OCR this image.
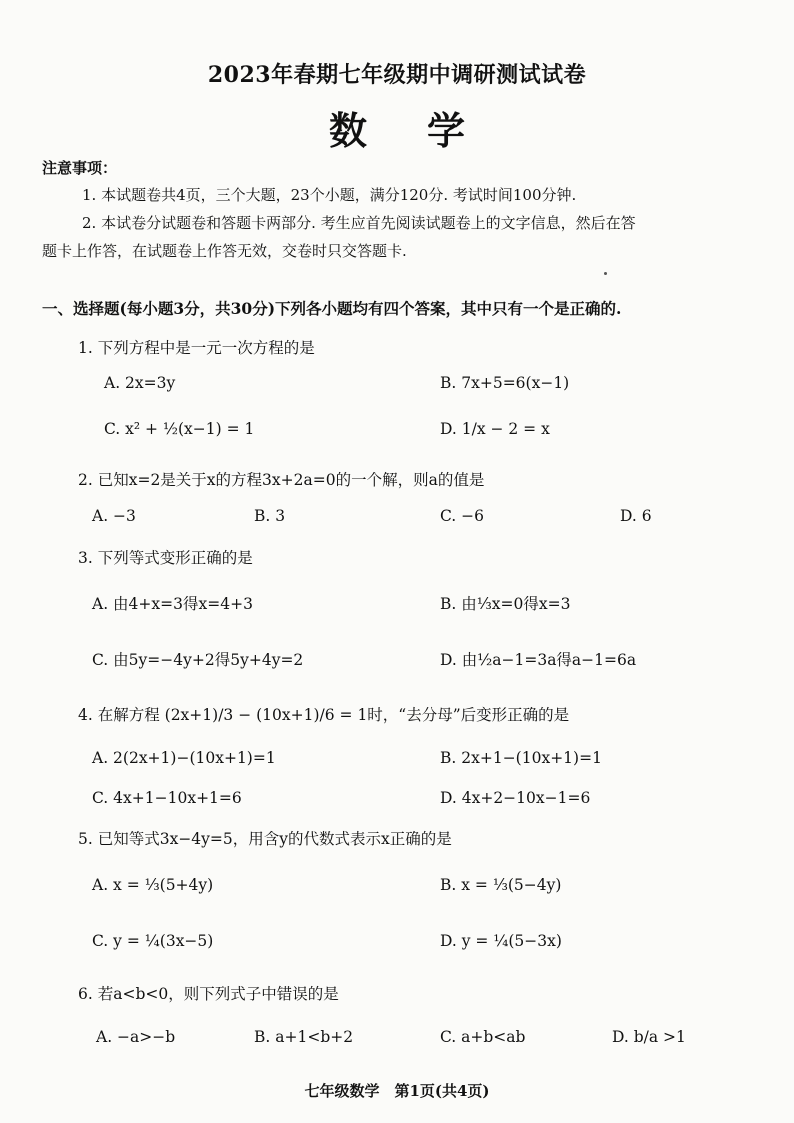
2023年春期七年级期中调研测试试卷
数学
注意事项：
1. 本试题卷共4页，三个大题，23个小题，满分120分. 考试时间100分钟.
2. 本试卷分试题卷和答题卡两部分. 考生应首先阅读试题卷上的文字信息，然后在答
题卡上作答，在试题卷上作答无效，交卷时只交答题卡.
一、选择题(每小题3分，共30分)下列各小题均有四个答案，其中只有一个是正确的.
1. 下列方程中是一元一次方程的是
A. 2x=3y	B. 7x+5=6(x−1)
C. x² + ½(x−1) = 1	D. 1/x − 2 = x
2. 已知x=2是关于x的方程3x+2a=0的一个解，则a的值是
A. −3	B. 3	C. −6	D. 6
3. 下列等式变形正确的是
A. 由4+x=3得x=4+3	B. 由⅓x=0得x=3
C. 由5y=−4y+2得5y+4y=2	D. 由½a−1=3a得a−1=6a
4. 在解方程 (2x+1)/3 − (10x+1)/6 = 1时，“去分母”后变形正确的是
A. 2(2x+1)−(10x+1)=1	B. 2x+1−(10x+1)=1
C. 4x+1−10x+1=6	D. 4x+2−10x−1=6
5. 已知等式3x−4y=5，用含y的代数式表示x正确的是
A. x = ⅓(5+4y)	B. x = ⅓(5−4y)
C. y = ¼(3x−5)	D. y = ¼(5−3x)
6. 若a<b<0，则下列式子中错误的是
A. −a>−b	B. a+1<b+2	C. a+b<ab	D. b/a >1
七年级数学　第1页(共4页)
